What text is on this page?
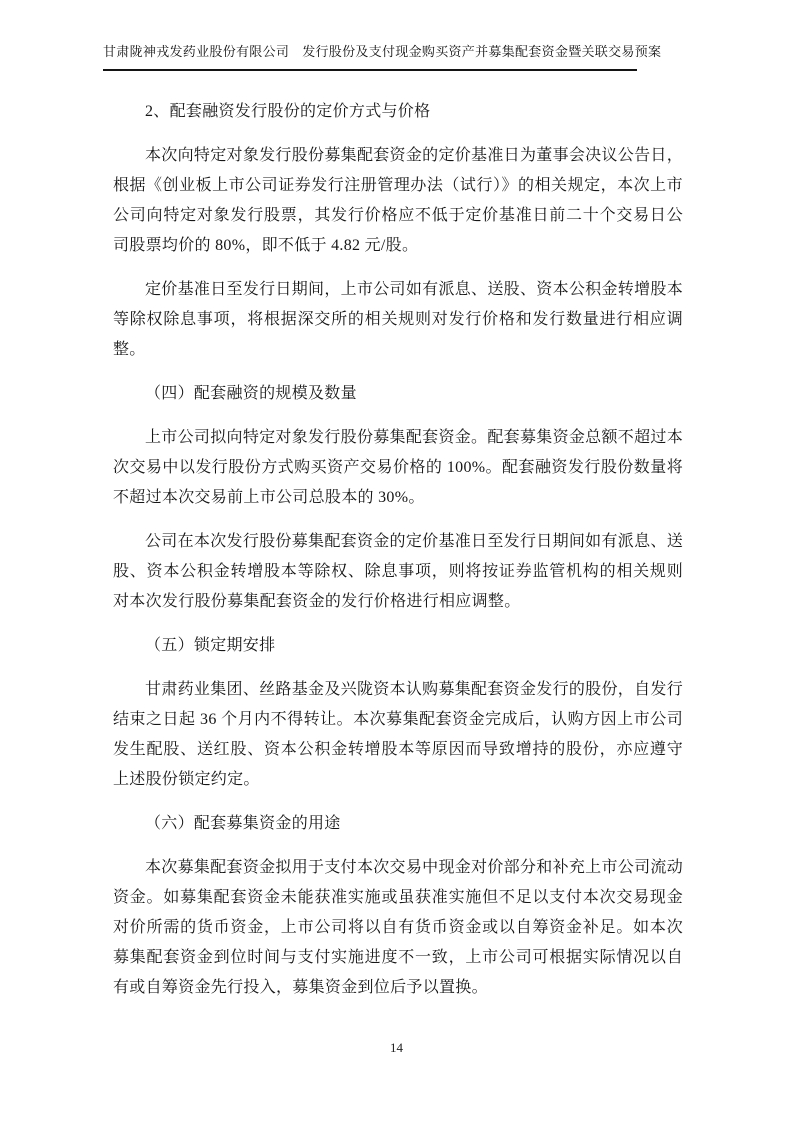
甘肃陇神戎发药业股份有限公司 发行股份及支付现金购买资产并募集配套资金暨关联交易预案
2、配套融资发行股份的定价方式与价格

本次向特定对象发行股份募集配套资金的定价基准日为董事会决议公告日，根据《创业板上市公司证券发行注册管理办法（试行）》的相关规定，本次上市公司向特定对象发行股票，其发行价格应不低于定价基准日前二十个交易日公司股票均价的 80%，即不低于 4.82 元/股。

定价基准日至发行日期间，上市公司如有派息、送股、资本公积金转增股本等除权除息事项，将根据深交所的相关规则对发行价格和发行数量进行相应调整。

（四）配套融资的规模及数量

上市公司拟向特定对象发行股份募集配套资金。配套募集资金总额不超过本次交易中以发行股份方式购买资产交易价格的 100%。配套融资发行股份数量将不超过本次交易前上市公司总股本的 30%。

公司在本次发行股份募集配套资金的定价基准日至发行日期间如有派息、送股、资本公积金转增股本等除权、除息事项，则将按证券监管机构的相关规则对本次发行股份募集配套资金的发行价格进行相应调整。

（五）锁定期安排

甘肃药业集团、丝路基金及兴陇资本认购募集配套资金发行的股份，自发行结束之日起 36 个月内不得转让。本次募集配套资金完成后，认购方因上市公司发生配股、送红股、资本公积金转增股本等原因而导致增持的股份，亦应遵守上述股份锁定约定。

（六）配套募集资金的用途

本次募集配套资金拟用于支付本次交易中现金对价部分和补充上市公司流动资金。如募集配套资金未能获准实施或虽获准实施但不足以支付本次交易现金对价所需的货币资金，上市公司将以自有货币资金或以自筹资金补足。如本次募集配套资金到位时间与支付实施进度不一致，上市公司可根据实际情况以自有或自筹资金先行投入，募集资金到位后予以置换。

14
